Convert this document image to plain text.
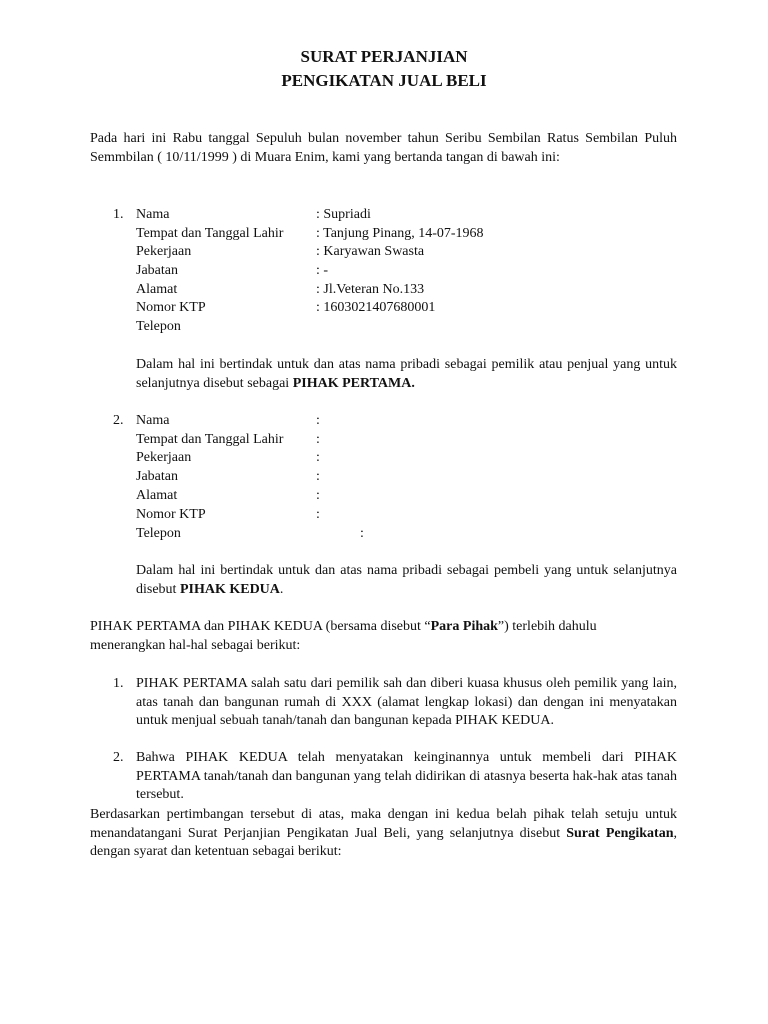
SURAT PERJANJIAN
PENGIKATAN JUAL BELI
Pada hari ini Rabu tanggal Sepuluh bulan november tahun Seribu Sembilan Ratus Sembilan Puluh Semmbilan ( 10/11/1999 ) di Muara Enim, kami yang bertanda tangan di bawah ini:
1. Nama	: Supriadi
Tempat dan Tanggal Lahir : Tanjung Pinang, 14-07-1968
Pekerjaan	: Karyawan Swasta
Jabatan	: -
Alamat	: Jl.Veteran No.133
Nomor KTP	: 1603021407680001
Telepon
Dalam hal ini bertindak untuk dan atas nama pribadi sebagai pemilik atau penjual yang untuk selanjutnya disebut sebagai PIHAK PERTAMA.
2. Nama	:
Tempat dan Tanggal Lahir :
Pekerjaan	:
Jabatan	:
Alamat	:
Nomor KTP	:
Telepon	:
Dalam hal ini bertindak untuk dan atas nama pribadi sebagai pembeli yang untuk selanjutnya disebut PIHAK KEDUA.
PIHAK PERTAMA dan PIHAK KEDUA (bersama disebut “Para Pihak”) terlebih dahulu menerangkan hal-hal sebagai berikut:
1. PIHAK PERTAMA salah satu dari pemilik sah dan diberi kuasa khusus oleh pemilik yang lain, atas tanah dan bangunan rumah di XXX (alamat lengkap lokasi) dan dengan ini menyatakan untuk menjual sebuah tanah/tanah dan bangunan kepada PIHAK KEDUA.
2. Bahwa PIHAK KEDUA telah menyatakan keinginannya untuk membeli dari PIHAK PERTAMA tanah/tanah dan bangunan yang telah didirikan di atasnya beserta hak-hak atas tanah tersebut.
Berdasarkan pertimbangan tersebut di atas, maka dengan ini kedua belah pihak telah setuju untuk menandatangani Surat Perjanjian Pengikatan Jual Beli, yang selanjutnya disebut Surat Pengikatan, dengan syarat dan ketentuan sebagai berikut:
